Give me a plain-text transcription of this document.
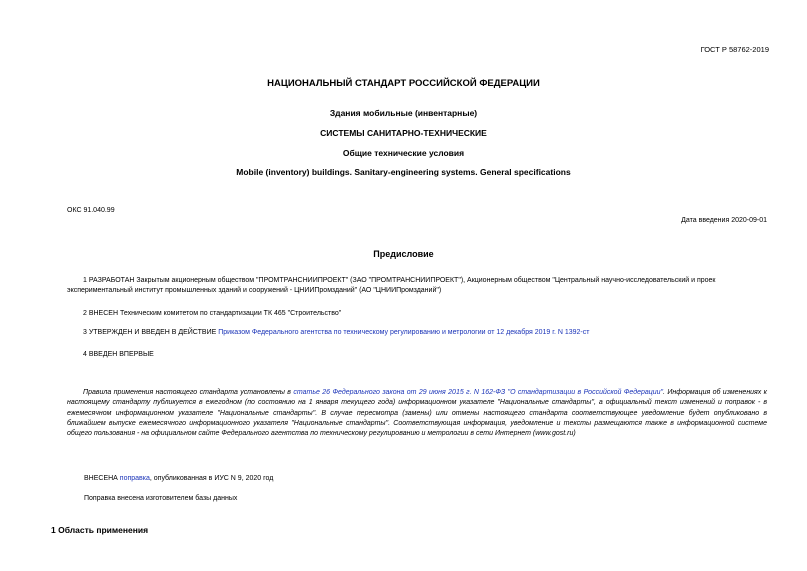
ГОСТ Р 58762-2019
НАЦИОНАЛЬНЫЙ СТАНДАРТ РОССИЙСКОЙ ФЕДЕРАЦИИ
Здания мобильные (инвентарные)
СИСТЕМЫ САНИТАРНО-ТЕХНИЧЕСКИЕ
Общие технические условия
Mobile (inventory) buildings. Sanitary-engineering systems. General specifications
ОКС 91.040.99
Дата введения 2020-09-01
Предисловие
1 РАЗРАБОТАН Закрытым акционерным обществом "ПРОМТРАНСНИИПРОЕКТ" (ЗАО "ПРОМТРАНСНИИПРОЕКТ"), Акционерным обществом "Центральный научно-исследовательский и проек
экспериментальный институт промышленных зданий и сооружений - ЦНИИПромзданий" (АО "ЦНИИПромзданий")
2 ВНЕСЕН Техническим комитетом по стандартизации ТК 465 "Строительство"
3 УТВЕРЖДЕН И ВВЕДЕН В ДЕЙСТВИЕ Приказом Федерального агентства по техническому регулированию и метрологии от 12 декабря 2019 г. N 1392-ст
4 ВВЕДЕН ВПЕРВЫЕ
Правила применения настоящего стандарта установлены в статье 26 Федерального закона от 29 июня 2015 г. N 162-ФЗ "О стандартизации в Российской Федерации". Информация об изменениях к настоящему стандарту публикуется в ежегодном (по состоянию на 1 января текущего года) информационном указателе "Национальные стандарты", а официальный текст изменений и поправок - в ежемесячном информационном указателе "Национальные стандарты". В случае пересмотра (замены) или отмены настоящего стандарта соответствующее уведомление будет опубликовано в ближайшем выпуске ежемесячного информационного указателя "Национальные стандарты". Соответствующая информация, уведомление и тексты размещаются также в информационной системе общего пользования - на официальном сайте Федерального агентства по техническому регулированию и метрологии в сети Интернет (www.gost.ru)
ВНЕСЕНА поправка, опубликованная в ИУС N 9, 2020 год
Поправка внесена изготовителем базы данных
1 Область применения
